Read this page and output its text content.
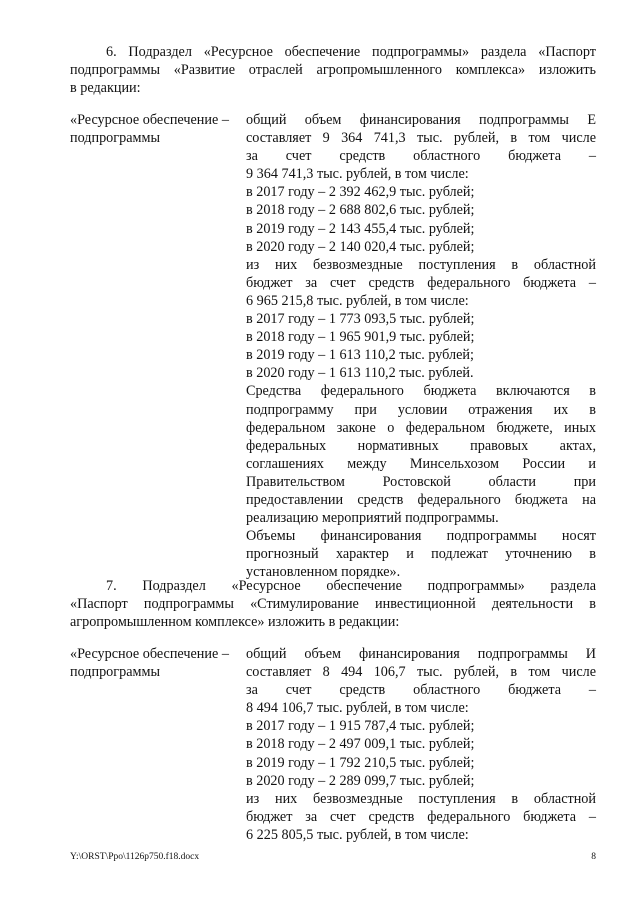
6. Подраздел «Ресурсное обеспечение подпрограммы» раздела «Паспорт
подпрограммы «Развитие отраслей агропромышленного комплекса» изложить
в редакции:
«Ресурсное обеспечение –
подпрограммы
общий объем финансирования подпрограммы Е
составляет 9 364 741,3 тыс. рублей, в том числе
за счет средств областного бюджета –
9 364 741,3 тыс. рублей, в том числе:
в 2017 году – 2 392 462,9 тыс. рублей;
в 2018 году – 2 688 802,6 тыс. рублей;
в 2019 году – 2 143 455,4 тыс. рублей;
в 2020 году – 2 140 020,4 тыс. рублей;
из них безвозмездные поступления в областной
бюджет за счет средств федерального бюджета –
6 965 215,8 тыс. рублей, в том числе:
в 2017 году – 1 773 093,5 тыс. рублей;
в 2018 году – 1 965 901,9 тыс. рублей;
в 2019 году – 1 613 110,2 тыс. рублей;
в 2020 году – 1 613 110,2 тыс. рублей.
Средства федерального бюджета включаются в
подпрограмму при условии отражения их в
федеральном законе о федеральном бюджете, иных
федеральных нормативных правовых актах,
соглашениях между Минсельхозом России и
Правительством Ростовской области при
предоставлении средств федерального бюджета на
реализацию мероприятий подпрограммы.
Объемы финансирования подпрограммы носят
прогнозный характер и подлежат уточнению в
установленном порядке».
7. Подраздел «Ресурсное обеспечение подпрограммы» раздела
«Паспорт подпрограммы «Стимулирование инвестиционной деятельности в
агропромышленном комплексе» изложить в редакции:
«Ресурсное обеспечение –
подпрограммы
общий объем финансирования подпрограммы И
составляет 8 494 106,7 тыс. рублей, в том числе
за счет средств областного бюджета –
8 494 106,7 тыс. рублей, в том числе:
в 2017 году – 1 915 787,4 тыс. рублей;
в 2018 году – 2 497 009,1 тыс. рублей;
в 2019 году – 1 792 210,5 тыс. рублей;
в 2020 году – 2 289 099,7 тыс. рублей;
из них безвозмездные поступления в областной
бюджет за счет средств федерального бюджета –
6 225 805,5 тыс. рублей, в том числе:
Y:\ORST\Ppo\1126p750.f18.docx	8
